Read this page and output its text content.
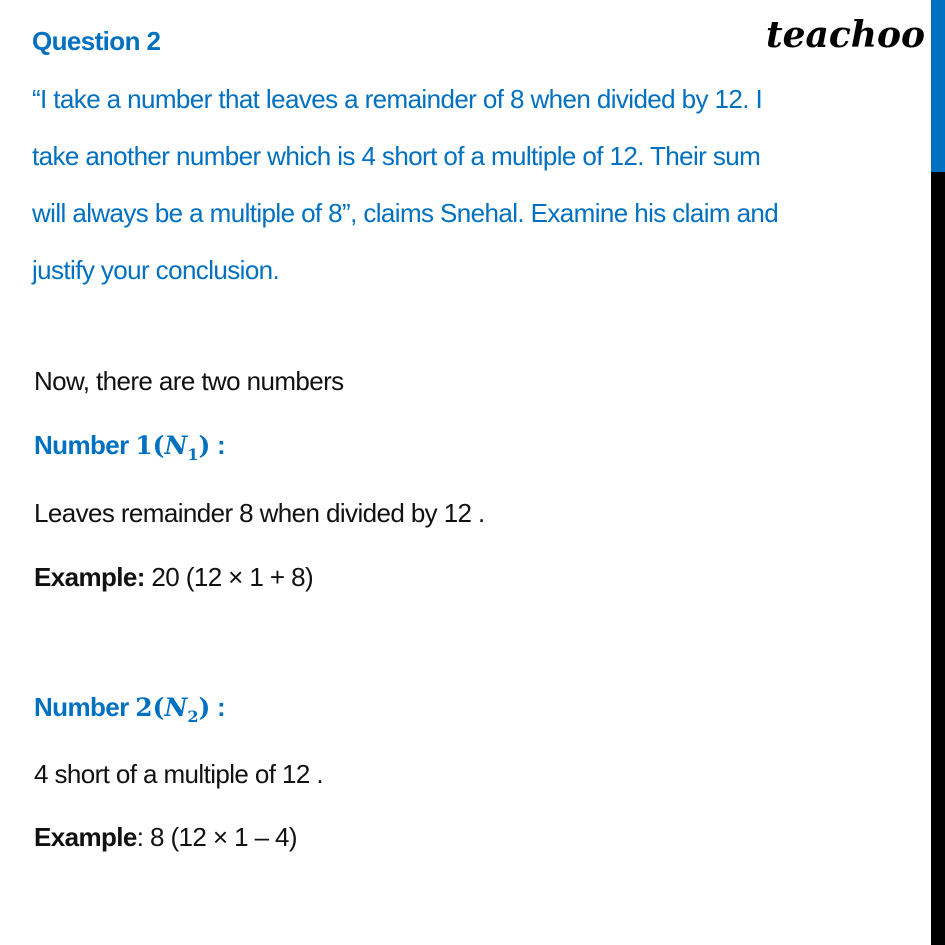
Question 2	teachoo
“I take a number that leaves a remainder of 8 when divided by 12. I
take another number which is 4 short of a multiple of 12. Their sum
will always be a multiple of 8”, claims Snehal. Examine his claim and
justify your conclusion.
Now, there are two numbers
Number $1(N_1)$ :
Leaves remainder 8 when divided by 12 .
Example: 20 (12 × 1 + 8)
Number $2(N_2)$ :
4 short of a multiple of 12 .
Example: 8 (12 × 1 – 4)
